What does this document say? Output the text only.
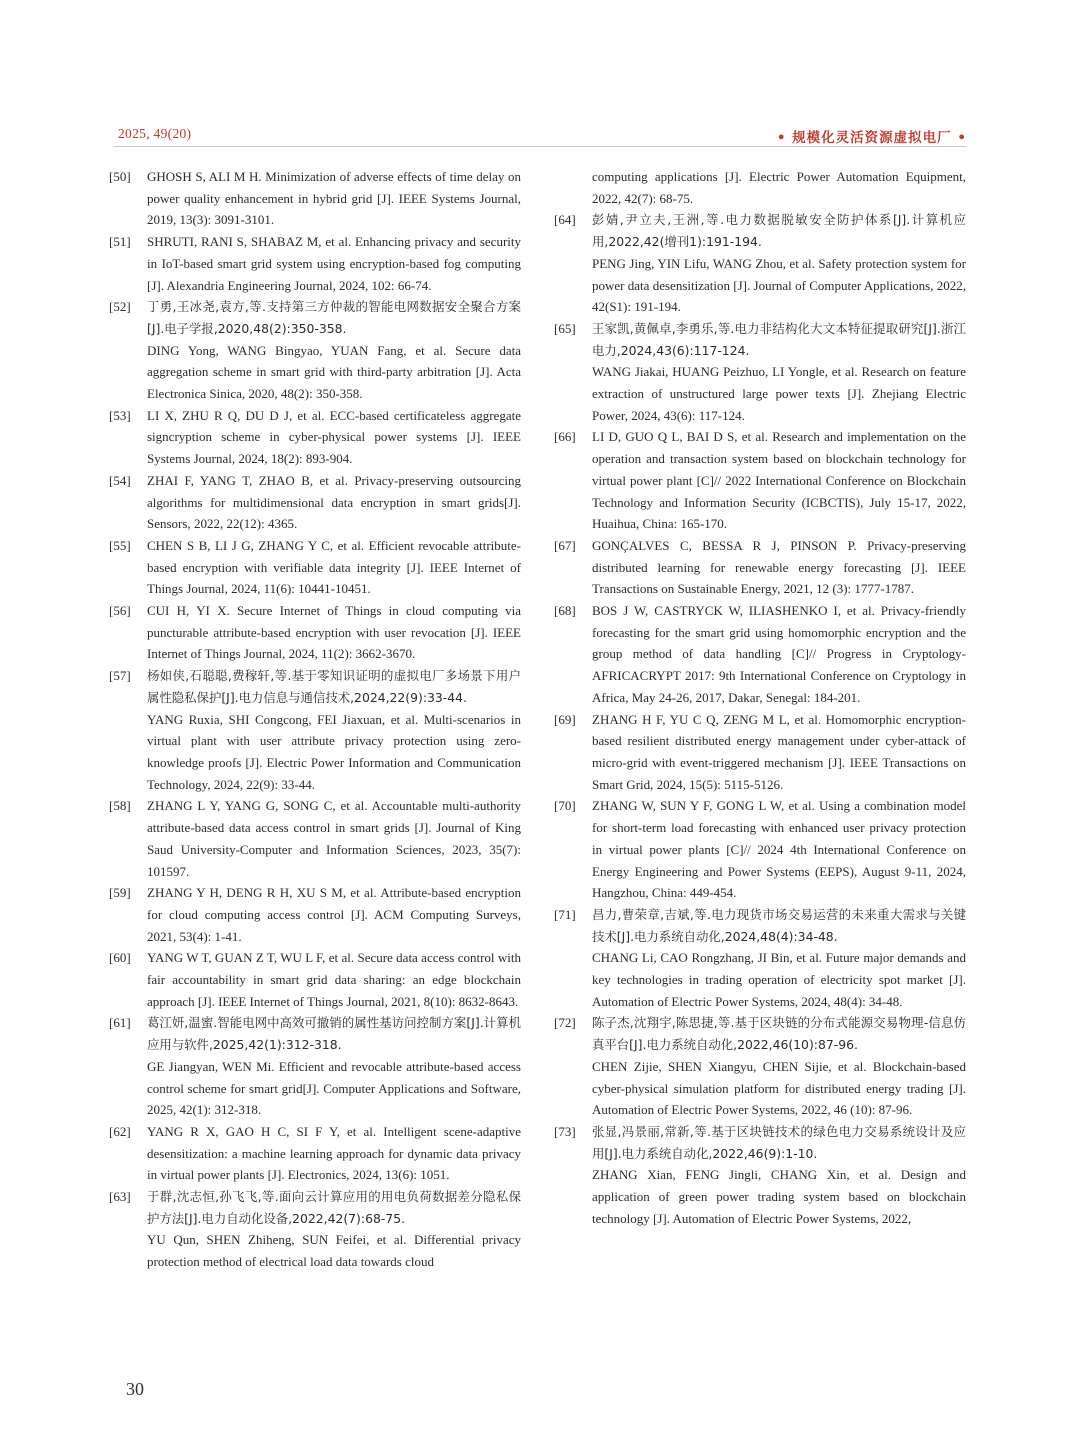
2025, 49(20)	• 规模化灵活资源虚拟电厂 •
[50] GHOSH S, ALI M H. Minimization of adverse effects of time delay on power quality enhancement in hybrid grid [J]. IEEE Systems Journal, 2019, 13(3): 3091-3101.
[51] SHRUTI, RANI S, SHABAZ M, et al. Enhancing privacy and security in IoT-based smart grid system using encryption-based fog computing [J]. Alexandria Engineering Journal, 2024, 102: 66-74.
[52] 丁勇,王冰尧,袁方,等.支持第三方仲裁的智能电网数据安全聚合方案[J].电子学报,2020,48(2):350-358.
DING Yong, WANG Bingyao, YUAN Fang, et al. Secure data aggregation scheme in smart grid with third-party arbitration [J]. Acta Electronica Sinica, 2020, 48(2): 350-358.
[53] LI X, ZHU R Q, DU D J, et al. ECC-based certificateless aggregate signcryption scheme in cyber-physical power systems [J]. IEEE Systems Journal, 2024, 18(2): 893-904.
[54] ZHAI F, YANG T, ZHAO B, et al. Privacy-preserving outsourcing algorithms for multidimensional data encryption in smart grids[J]. Sensors, 2022, 22(12): 4365.
[55] CHEN S B, LI J G, ZHANG Y C, et al. Efficient revocable attribute-based encryption with verifiable data integrity [J]. IEEE Internet of Things Journal, 2024, 11(6): 10441-10451.
[56] CUI H, YI X. Secure Internet of Things in cloud computing via puncturable attribute-based encryption with user revocation [J]. IEEE Internet of Things Journal, 2024, 11(2): 3662-3670.
[57] 杨如侠,石聪聪,费稼轩,等.基于零知识证明的虚拟电厂多场景下用户属性隐私保护[J].电力信息与通信技术,2024,22(9):33-44.
YANG Ruxia, SHI Congcong, FEI Jiaxuan, et al. Multi-scenarios in virtual plant with user attribute privacy protection using zero-knowledge proofs [J]. Electric Power Information and Communication Technology, 2024, 22(9): 33-44.
[58] ZHANG L Y, YANG G, SONG C, et al. Accountable multi-authority attribute-based data access control in smart grids [J]. Journal of King Saud University-Computer and Information Sciences, 2023, 35(7): 101597.
[59] ZHANG Y H, DENG R H, XU S M, et al. Attribute-based encryption for cloud computing access control [J]. ACM Computing Surveys, 2021, 53(4): 1-41.
[60] YANG W T, GUAN Z T, WU L F, et al. Secure data access control with fair accountability in smart grid data sharing: an edge blockchain approach [J]. IEEE Internet of Things Journal, 2021, 8(10): 8632-8643.
[61] 葛江妍,温蜜.智能电网中高效可撤销的属性基访问控制方案[J].计算机应用与软件,2025,42(1):312-318.
GE Jiangyan, WEN Mi. Efficient and revocable attribute-based access control scheme for smart grid[J]. Computer Applications and Software, 2025, 42(1): 312-318.
[62] YANG R X, GAO H C, SI F Y, et al. Intelligent scene-adaptive desensitization: a machine learning approach for dynamic data privacy in virtual power plants [J]. Electronics, 2024, 13(6): 1051.
[63] 于群,沈志恒,孙飞飞,等.面向云计算应用的用电负荷数据差分隐私保护方法[J].电力自动化设备,2022,42(7):68-75.
YU Qun, SHEN Zhiheng, SUN Feifei, et al. Differential privacy protection method of electrical load data towards cloud
computing applications [J]. Electric Power Automation Equipment, 2022, 42(7): 68-75.
[64] 彭婧,尹立夫,王洲,等.电力数据脱敏安全防护体系[J].计算机应用,2022,42(增刊1):191-194.
PENG Jing, YIN Lifu, WANG Zhou, et al. Safety protection system for power data desensitization [J]. Journal of Computer Applications, 2022, 42(S1): 191-194.
[65] 王家凯,黄佩卓,李勇乐,等.电力非结构化大文本特征提取研究[J].浙江电力,2024,43(6):117-124.
WANG Jiakai, HUANG Peizhuo, LI Yongle, et al. Research on feature extraction of unstructured large power texts [J]. Zhejiang Electric Power, 2024, 43(6): 117-124.
[66] LI D, GUO Q L, BAI D S, et al. Research and implementation on the operation and transaction system based on blockchain technology for virtual power plant [C]// 2022 International Conference on Blockchain Technology and Information Security (ICBCTIS), July 15-17, 2022, Huaihua, China: 165-170.
[67] GONÇALVES C, BESSA R J, PINSON P. Privacy-preserving distributed learning for renewable energy forecasting [J]. IEEE Transactions on Sustainable Energy, 2021, 12 (3): 1777-1787.
[68] BOS J W, CASTRYCK W, ILIASHENKO I, et al. Privacy-friendly forecasting for the smart grid using homomorphic encryption and the group method of data handling [C]// Progress in Cryptology-AFRICACRYPT 2017: 9th International Conference on Cryptology in Africa, May 24-26, 2017, Dakar, Senegal: 184-201.
[69] ZHANG H F, YU C Q, ZENG M L, et al. Homomorphic encryption-based resilient distributed energy management under cyber-attack of micro-grid with event-triggered mechanism [J]. IEEE Transactions on Smart Grid, 2024, 15(5): 5115-5126.
[70] ZHANG W, SUN Y F, GONG L W, et al. Using a combination model for short-term load forecasting with enhanced user privacy protection in virtual power plants [C]// 2024 4th International Conference on Energy Engineering and Power Systems (EEPS), August 9-11, 2024, Hangzhou, China: 449-454.
[71] 昌力,曹荣章,吉斌,等.电力现货市场交易运营的未来重大需求与关键技术[J].电力系统自动化,2024,48(4):34-48.
CHANG Li, CAO Rongzhang, JI Bin, et al. Future major demands and key technologies in trading operation of electricity spot market [J]. Automation of Electric Power Systems, 2024, 48(4): 34-48.
[72] 陈子杰,沈翔宇,陈思捷,等.基于区块链的分布式能源交易物理-信息仿真平台[J].电力系统自动化,2022,46(10):87-96.
CHEN Zijie, SHEN Xiangyu, CHEN Sijie, et al. Blockchain-based cyber-physical simulation platform for distributed energy trading [J]. Automation of Electric Power Systems, 2022, 46 (10): 87-96.
[73] 张显,冯景丽,常新,等.基于区块链技术的绿色电力交易系统设计及应用[J].电力系统自动化,2022,46(9):1-10.
ZHANG Xian, FENG Jingli, CHANG Xin, et al. Design and application of green power trading system based on blockchain technology [J]. Automation of Electric Power Systems, 2022,
30
